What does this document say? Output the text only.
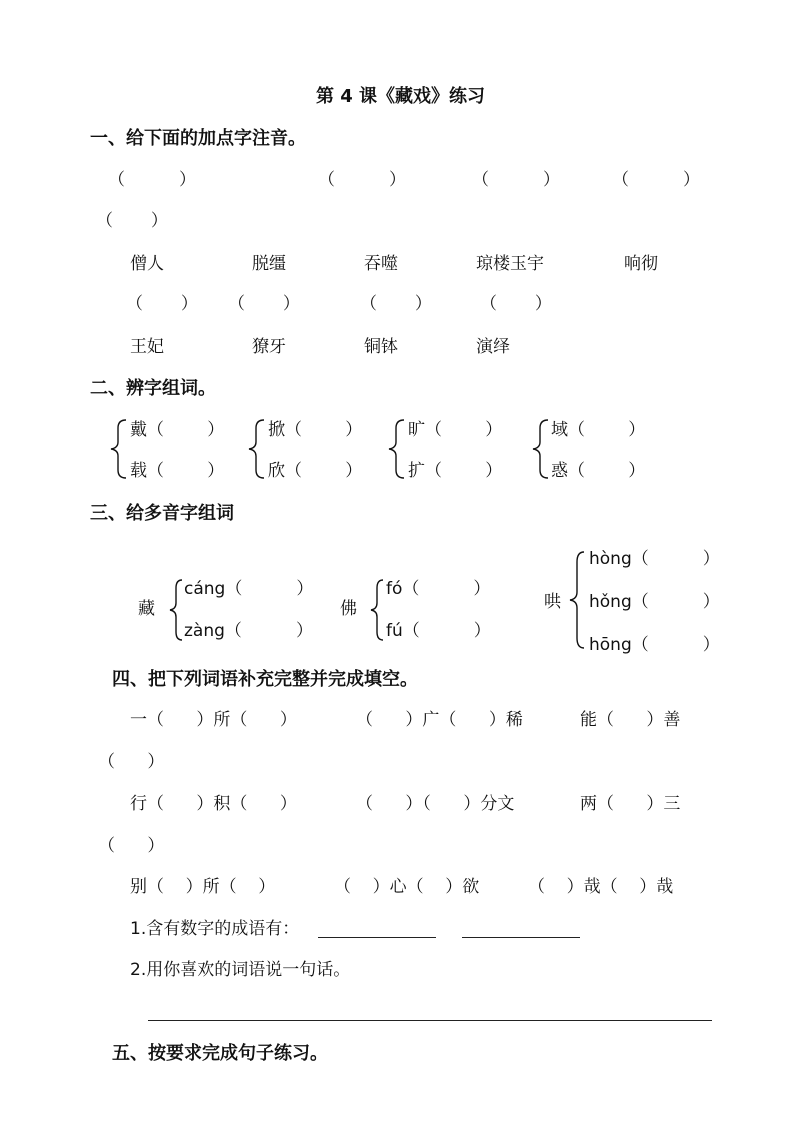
第 4 课《藏戏》练习
一、给下面的加点字注音。
（          ）	（          ）	（          ）	（          ）
（       ）
僧人	脱缰	吞噬	琼楼玉宇	响彻
（       ） （       ）	（       ）	（       ）
王妃	獠牙	铜钵	演绎
二、辨字组词。
戴（        ）
载（        ）
掀（        ）
欣（        ）
旷（        ）
扩（        ）
域（        ）
惑（        ）
三、给多音字组词
藏
cáng（          ）
zàng（          ）
佛
fó（          ）
fú（          ）
哄
hòng（          ）
hǒng（          ）
hōng（          ）
四、把下列词语补充完整并完成填空。
一（      ）所（      ）	（      ）广（      ）稀	能（      ）善
（      ）
行（      ）积（      ）	（      ）（      ）分文	两（      ）三
（      ）
别（    ）所（    ）	（    ）心（    ）欲	（    ）哉（    ）哉
1.含有数字的成语有：
2.用你喜欢的词语说一句话。
五、按要求完成句子练习。
